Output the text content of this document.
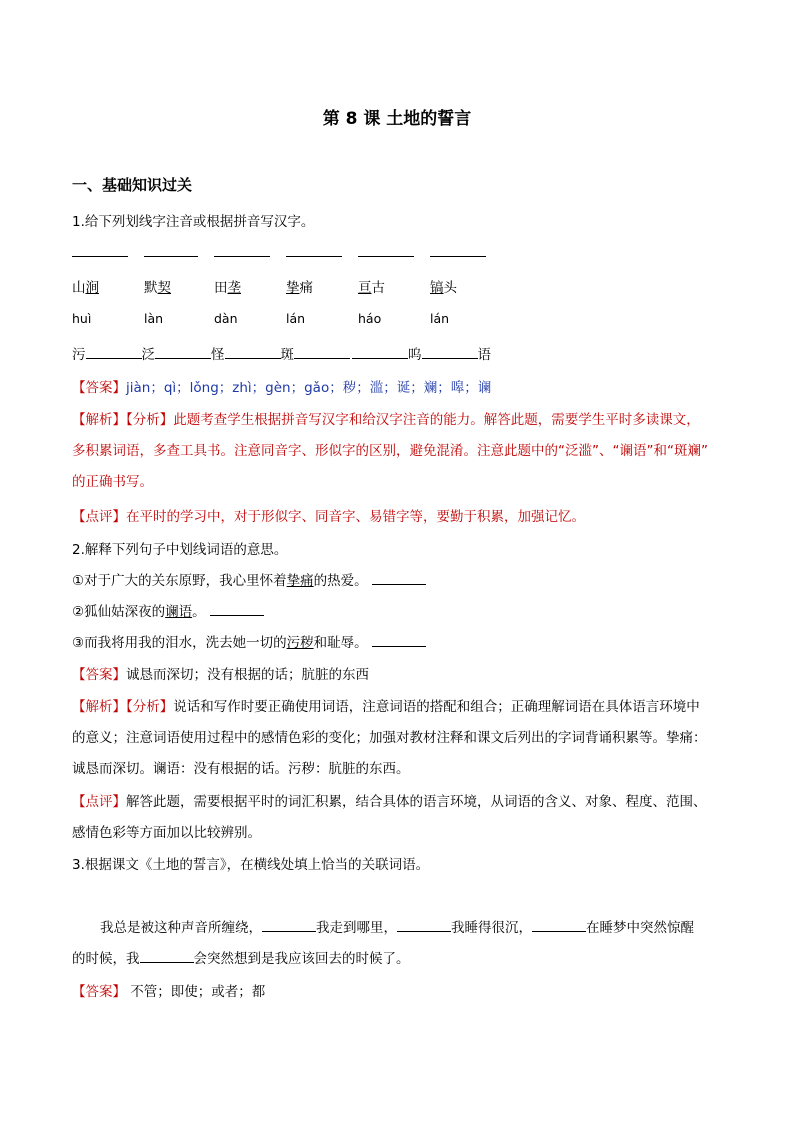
第 8 课 土地的誓言
一、基础知识过关
1.给下列划线字注音或根据拼音写汉字。
山涧	默契	田垄	挚痛	亘古	镐头
huì	làn	dàn	lán	háo	lán
污	泛	怪	斑	呜	语
【答案】jiàn；qì；lǒng；zhì；gèn；gǎo；秽；滥；诞；斓；嗥；谰
【解析】【分析】此题考查学生根据拼音写汉字和给汉字注音的能力。解答此题，需要学生平时多读课文，
多积累词语，多查工具书。注意同音字、形似字的区别，避免混淆。注意此题中的“泛滥”、“谰语”和“斑斓”
的正确书写。
【点评】在平时的学习中，对于形似字、同音字、易错字等，要勤于积累，加强记忆。
2.解释下列句子中划线词语的意思。
①对于广大的关东原野，我心里怀着挚痛的热爱。
②狐仙姑深夜的谰语。
③而我将用我的泪水，洗去她一切的污秽和耻辱。
【答案】诚恳而深切；没有根据的话；肮脏的东西
【解析】【分析】说话和写作时要正确使用词语，注意词语的搭配和组合；正确理解词语在具体语言环境中
的意义；注意词语使用过程中的感情色彩的变化；加强对教材注释和课文后列出的字词背诵积累等。挚痛：
诚恳而深切。谰语：没有根据的话。污秽：肮脏的东西。
【点评】解答此题，需要根据平时的词汇积累，结合具体的语言环境，从词语的含义、对象、程度、范围、
感情色彩等方面加以比较辨别。
3.根据课文《土地的誓言》，在横线处填上恰当的关联词语。
我总是被这种声音所缠绕，	我走到哪里，	我睡得很沉，	在睡梦中突然惊醒
的时候，我	会突然想到是我应该回去的时候了。
【答案】 不管；即使；或者；都
